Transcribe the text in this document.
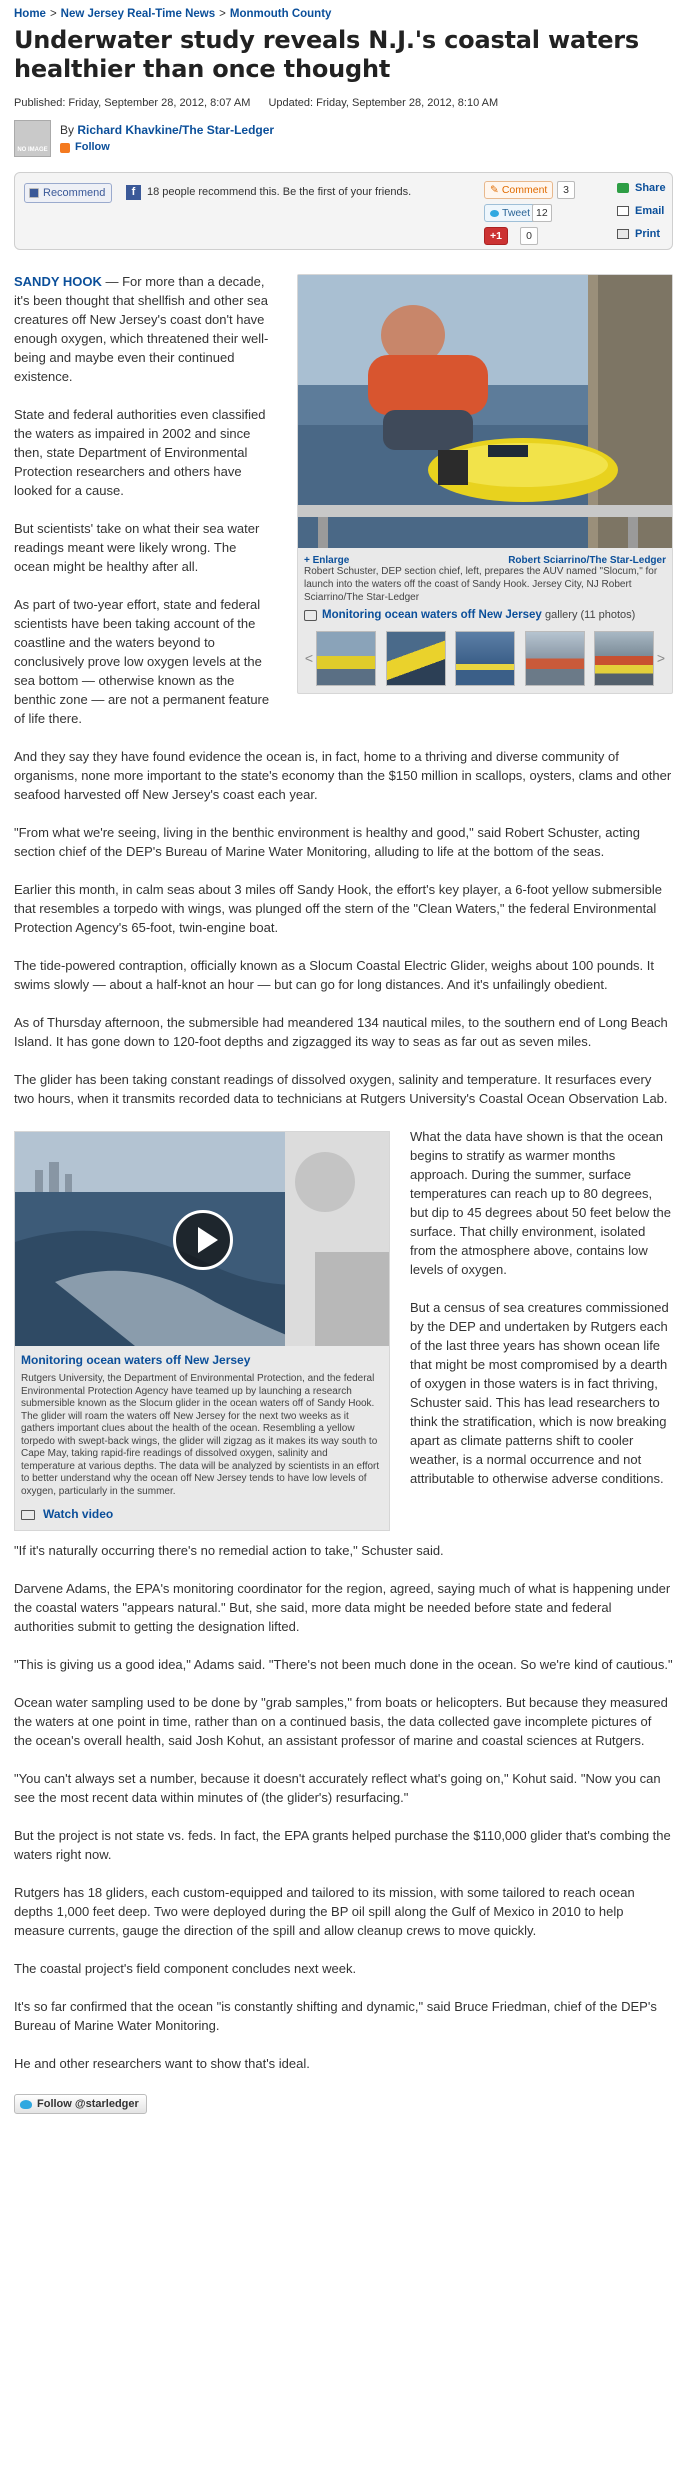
Home > New Jersey Real-Time News > Monmouth County
Underwater study reveals N.J.'s coastal waters healthier than once thought
Published: Friday, September 28, 2012, 8:07 AM Updated: Friday, September 28, 2012, 8:10 AM
NO IMAGE
By Richard Khavkine/The Star-Ledger
Follow
Recommend	f	18 people recommend this. Be the first of your friends.	✎ Comment	3
Tweet 12
+1	0
Share
Email
Print
+ Enlarge	Robert Sciarrino/The Star-Ledger
Robert Schuster, DEP section chief, left, prepares the AUV named "Slocum," for launch into the waters off the coast of Sandy Hook. Jersey City, NJ Robert Sciarrino/The Star-Ledger
Monitoring ocean waters off New Jersey gallery (11 photos)
<	>

SANDY HOOK — For more than a decade, it's been thought that shellfish and other sea creatures off New Jersey's coast don't have enough oxygen, which threatened their well-being and maybe even their continued existence.

State and federal authorities even classified the waters as impaired in 2002 and since then, state Department of Environmental Protection researchers and others have looked for a cause.

But scientists' take on what their sea water readings meant were likely wrong. The ocean might be healthy after all.

As part of two-year effort, state and federal scientists have been taking account of the coastline and the waters beyond to conclusively prove low oxygen levels at the sea bottom — otherwise known as the benthic zone — are not a permanent feature of life there.

And they say they have found evidence the ocean is, in fact, home to a thriving and diverse community of organisms, none more important to the state's economy than the $150 million in scallops, oysters, clams and other seafood harvested off New Jersey's coast each year.

"From what we're seeing, living in the benthic environment is healthy and good," said Robert Schuster, acting section chief of the DEP's Bureau of Marine Water Monitoring, alluding to life at the bottom of the seas.

Earlier this month, in calm seas about 3 miles off Sandy Hook, the effort's key player, a 6-foot yellow submersible that resembles a torpedo with wings, was plunged off the stern of the "Clean Waters," the federal Environmental Protection Agency's 65-foot, twin-engine boat.

The tide-powered contraption, officially known as a Slocum Coastal Electric Glider, weighs about 100 pounds. It swims slowly — about a half-knot an hour — but can go for long distances. And it's unfailingly obedient.

As of Thursday afternoon, the submersible had meandered 134 nautical miles, to the southern end of Long Beach Island. It has gone down to 120-foot depths and zigzagged its way to seas as far out as seven miles.

The glider has been taking constant readings of dissolved oxygen, salinity and temperature. It resurfaces every two hours, when it transmits recorded data to technicians at Rutgers University's Coastal Ocean Observation Lab.

Monitoring ocean waters off New Jersey
Rutgers University, the Department of Environmental Protection, and the federal Environmental Protection Agency have teamed up by launching a research submersible known as the Slocum glider in the ocean waters off of Sandy Hook. The glider will roam the waters off New Jersey for the next two weeks as it gathers important clues about the health of the ocean. Resembling a yellow torpedo with swept-back wings, the glider will zigzag as it makes its way south to Cape May, taking rapid-fire readings of dissolved oxygen, salinity and temperature at various depths. The data will be analyzed by scientists in an effort to better understand why the ocean off New Jersey tends to have low levels of oxygen, particularly in the summer.
Watch video

What the data have shown is that the ocean begins to stratify as warmer months approach. During the summer, surface temperatures can reach up to 80 degrees, but dip to 45 degrees about 50 feet below the surface. That chilly environment, isolated from the atmosphere above, contains low levels of oxygen.

But a census of sea creatures commissioned by the DEP and undertaken by Rutgers each of the last three years has shown ocean life that might be most compromised by a dearth of oxygen in those waters is in fact thriving, Schuster said. This has lead researchers to think the stratification, which is now breaking apart as climate patterns shift to cooler weather, is a normal occurrence and not attributable to otherwise adverse conditions.

"If it's naturally occurring there's no remedial action to take," Schuster said.

Darvene Adams, the EPA's monitoring coordinator for the region, agreed, saying much of what is happening under the coastal waters "appears natural." But, she said, more data might be needed before state and federal authorities submit to getting the designation lifted.

"This is giving us a good idea," Adams said. "There's not been much done in the ocean. So we're kind of cautious."

Ocean water sampling used to be done by "grab samples," from boats or helicopters. But because they measured the waters at one point in time, rather than on a continued basis, the data collected gave incomplete pictures of the ocean's overall health, said Josh Kohut, an assistant professor of marine and coastal sciences at Rutgers.

"You can't always set a number, because it doesn't accurately reflect what's going on," Kohut said. "Now you can see the most recent data within minutes of (the glider's) resurfacing."

But the project is not state vs. feds. In fact, the EPA grants helped purchase the $110,000 glider that's combing the waters right now.

Rutgers has 18 gliders, each custom-equipped and tailored to its mission, with some tailored to reach ocean depths 1,000 feet deep. Two were deployed during the BP oil spill along the Gulf of Mexico in 2010 to help measure currents, gauge the direction of the spill and allow cleanup crews to move quickly.

The coastal project's field component concludes next week.

It's so far confirmed that the ocean "is constantly shifting and dynamic," said Bruce Friedman, chief of the DEP's Bureau of Marine Water Monitoring.

He and other researchers want to show that's ideal.

Follow @starledger
